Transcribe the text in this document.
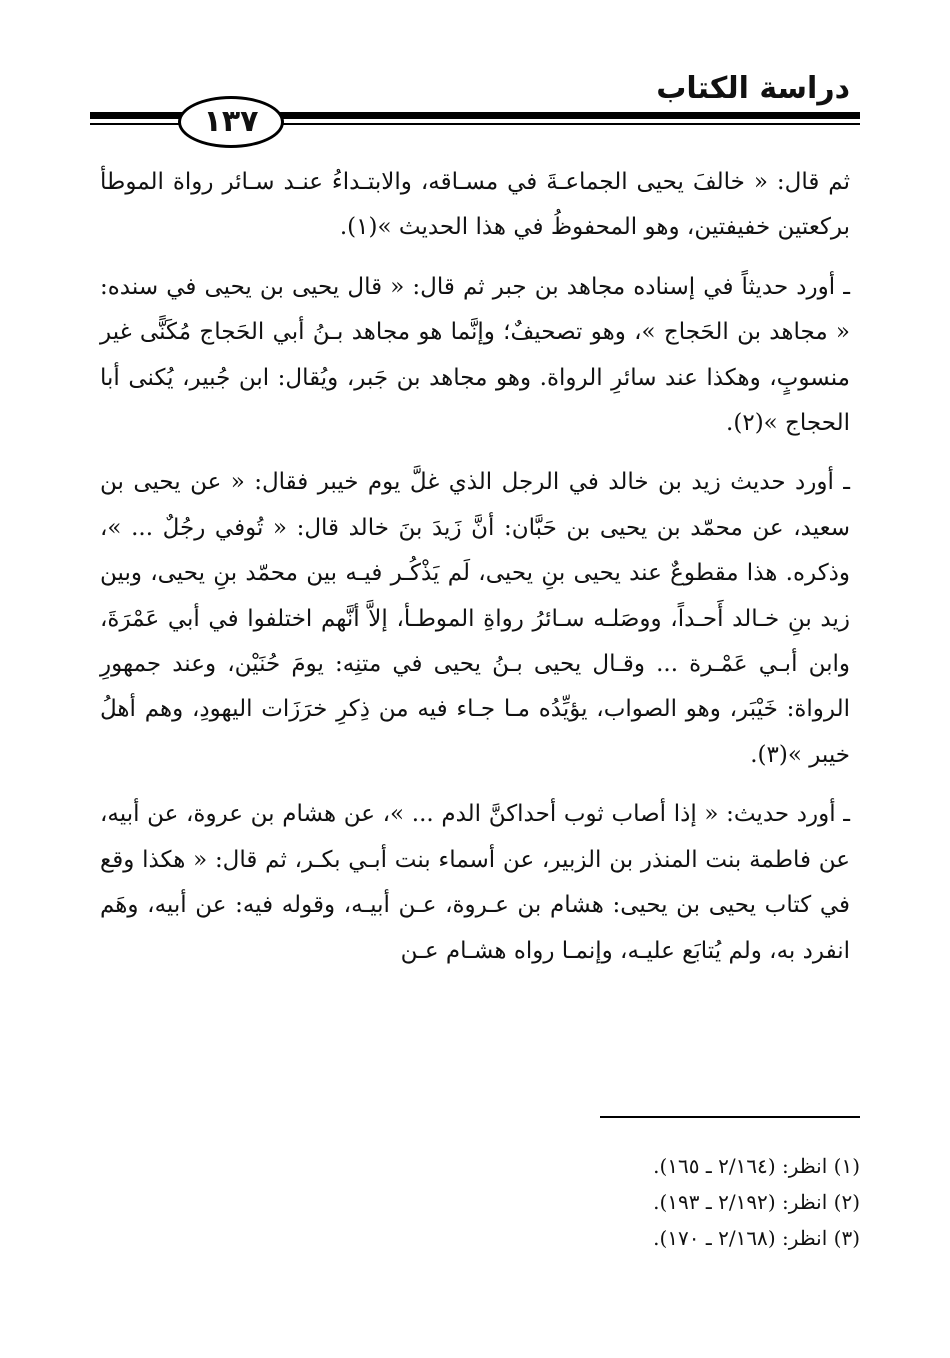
دراسة الكتاب
١٣٧

ثم قال: « خالفَ يحيى الجماعـةَ في مسـاقه، والابتـداءُ عنـد سـائر رواة الموطأ بركعتين خفيفتين، وهو المحفوظُ في هذا الحديث »(١).

ـ أورد حديثاً في إسناده مجاهد بن جبر ثم قال: « قال يحيى بن يحيى في سنده: « مجاهد بن الحَجاج »، وهو تصحيفٌ؛ وإنَّما هو مجاهد بـنُ أبي الحَجاج مُكَنًّى غير منسوبٍ، وهكذا عند سائرِ الرواة. وهو مجاهد بن جَبر، ويُقال: ابن جُبير، يُكنى أبا الحجاج »(٢).

ـ أورد حديث زيد بن خالد في الرجل الذي غلَّ يوم خيبر فقال: « عن يحيى بن سعيد، عن محمّد بن يحيى بن حَبَّان: أنَّ زَيدَ بنَ خالد قال: « تُوفي رجُلٌ ... »، وذكره. هذا مقطوعٌ عند يحيى بنِ يحيى، لَم يَذْكُـر فيـه بين محمّد بنِ يحيى، وبين زيد بنِ خـالد أَحـداً، ووصَلـه سـائرُ رواةِ الموطـأ، إلاَّ أنَّهم اختلفوا في أبي عَمْرَةَ، وابن أبـي عَمْـرة ... وقـال يحيى بـنُ يحيى في متنِه: يومَ حُنَيْن، وعند جمهورِ الرواة: خَيْبَر، وهو الصواب، يؤيِّدُه مـا جـاء فيه من ذِكرِ خرَزَات اليهودِ، وهم أهلُ خيبر »(٣).

ـ أورد حديث: « إذا أصاب ثوب أحداكنَّ الدم ... »، عن هشام بن عروة، عن أبيه، عن فاطمة بنت المنذر بن الزبير، عن أسماء بنت أبـي بكـر، ثم قال: « هكذا وقع في كتاب يحيى بن يحيى: هشام بن عـروة، عـن أبيـه، وقوله فيه: عن أبيه، وهَم انفرد به، ولم يُتابَع عليـه، وإنمـا رواه هشـام عـن

(١) انظر: (٢/١٦٤ ـ ١٦٥).
(٢) انظر: (٢/١٩٢ ـ ١٩٣).
(٣) انظر: (٢/١٦٨ ـ ١٧٠).
